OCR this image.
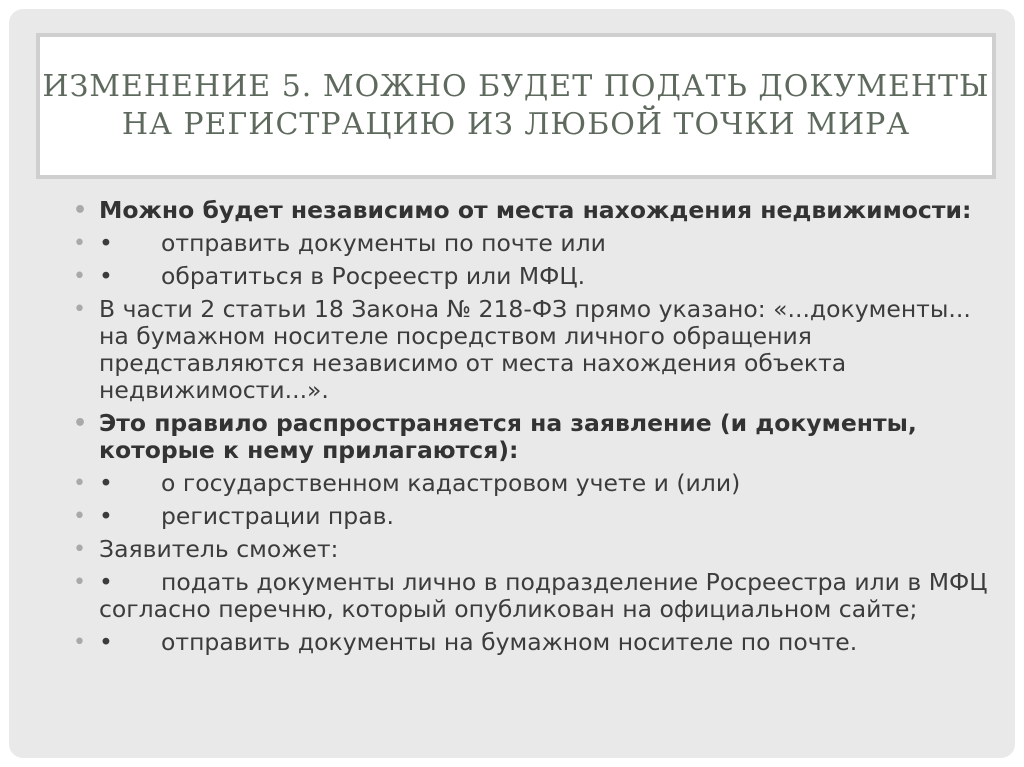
ИЗМЕНЕНИЕ 5. МОЖНО БУДЕТ ПОДАТЬ ДОКУМЕНТЫ
НА РЕГИСТРАЦИЮ ИЗ ЛЮБОЙ ТОЧКИ МИРА
• Можно будет независимо от места нахождения недвижимости:
• • отправить документы по почте или
• • обратиться в Росреестр или МФЦ.
• В части 2 статьи 18 Закона № 218-ФЗ прямо указано: «...документы... на бумажном носителе посредством личного обращения представляются независимо от места нахождения объекта недвижимости...».
• Это правило распространяется на заявление (и документы, которые к нему прилагаются):
• • о государственном кадастровом учете и (или)
• • регистрации прав.
• Заявитель сможет:
• • подать документы лично в подразделение Росреестра или в МФЦ согласно перечню, который опубликован на официальном сайте;
• • отправить документы на бумажном носителе по почте.
